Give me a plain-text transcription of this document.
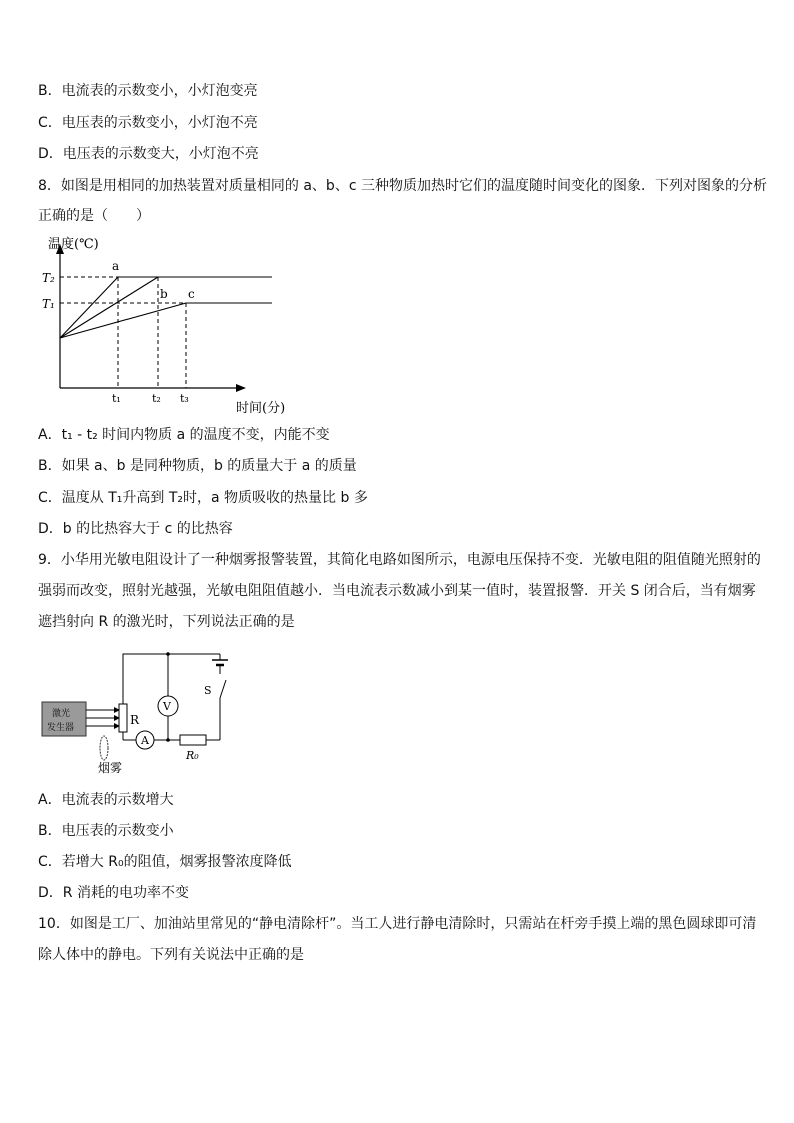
B．电流表的示数变小，小灯泡变亮
C．电压表的示数变小，小灯泡不亮
D．电压表的示数变大，小灯泡不亮
8．如图是用相同的加热装置对质量相同的 a、b、c 三种物质加热时它们的温度随时间变化的图象．下列对图象的分析
正确的是（　　）
温度(℃)
时间(分)
T₂
T₁
a
b c
t₁	t₂ t₃
A．t₁ - t₂ 时间内物质 a 的温度不变，内能不变
B．如果 a、b 是同种物质，b 的质量大于 a 的质量
C．温度从 T₁升高到 T₂时，a 物质吸收的热量比 b 多
D．b 的比热容大于 c 的比热容
9．小华用光敏电阻设计了一种烟雾报警装置，其简化电路如图所示，电源电压保持不变．光敏电阻的阻值随光照射的
强弱而改变，照射光越强，光敏电阻阻值越小．当电流表示数减小到某一值时，装置报警．开关 S 闭合后，当有烟雾
遮挡射向 R 的激光时，下列说法正确的是
激光
发生器
烟雾
R
S
V
A
R₀
A．电流表的示数增大
B．电压表的示数变小
C．若增大 R₀的阻值，烟雾报警浓度降低
D．R 消耗的电功率不变
10．如图是工厂、加油站里常见的“静电清除杆”。当工人进行静电清除时，只需站在杆旁手摸上端的黑色圆球即可清
除人体中的静电。下列有关说法中正确的是
